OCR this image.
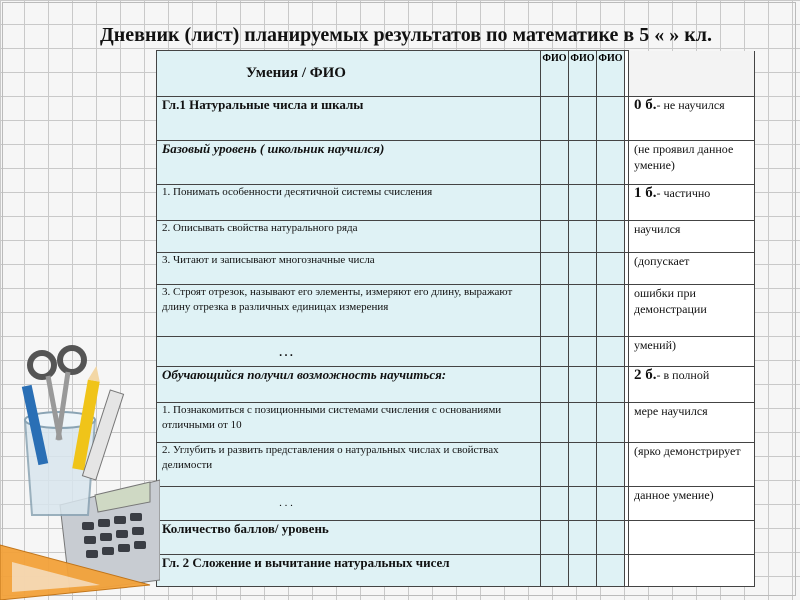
Дневник (лист) планируемых результатов по математике в 5 « » кл.
Умения / ФИО	ФИО	ФИО	ФИО		
Гл.1 Натуральные числа и шкалы					0 б.- не научился
Базовый уровень ( школьник научился)					(не проявил данное умение)
1. Понимать особенности десятичной системы счисления					1 б.- частично
2. Описывать свойства натурального ряда					научился
3. Читают и записывают многозначные числа					(допускает
3. Строят отрезок, называют его элементы, измеряют его длину, выражают длину отрезка в различных единицах измерения					ошибки при демонстрации
…					умений)
Обучающийся получил возможность научиться:					2 б.- в полной
1. Познакомиться с позиционными системами счисления с основаниями отличными от 10					мере научился
2. Углубить и развить представления о натуральных числах и свойствах делимости					(ярко демонстрирует
. . .					данное умение)
Количество баллов/ уровень					
Гл. 2 Сложение и вычитание натуральных чисел					
